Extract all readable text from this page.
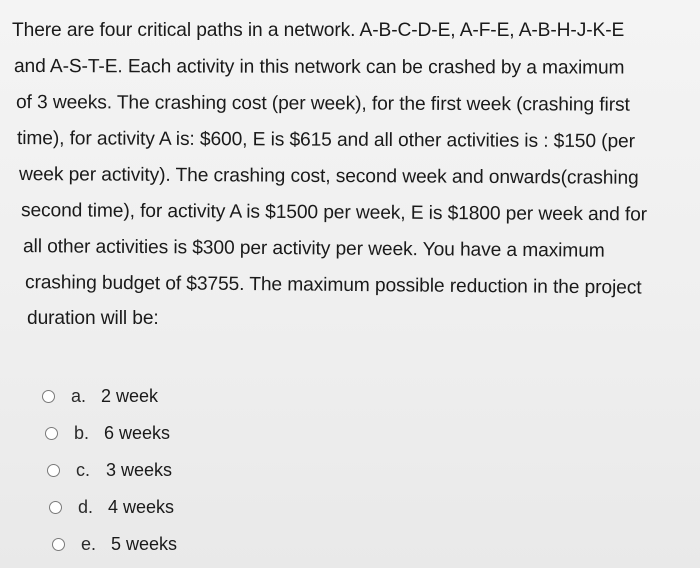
There are four critical paths in a network. A-B-C-D-E, A-F-E, A-B-H-J-K-E
and A-S-T-E. Each activity in this network can be crashed by a maximum
of 3 weeks. The crashing cost (per week), for the first week (crashing first
time), for activity A is: $600, E is $615 and all other activities is : $150 (per
week per activity). The crashing cost, second week and onwards(crashing
second time), for activity A is $1500 per week, E is $1800 per week and for
all other activities is $300 per activity per week. You have a maximum
crashing budget of $3755. The maximum possible reduction in the project
duration will be:
a. 2 week
b. 6 weeks
c. 3 weeks
d. 4 weeks
e. 5 weeks
